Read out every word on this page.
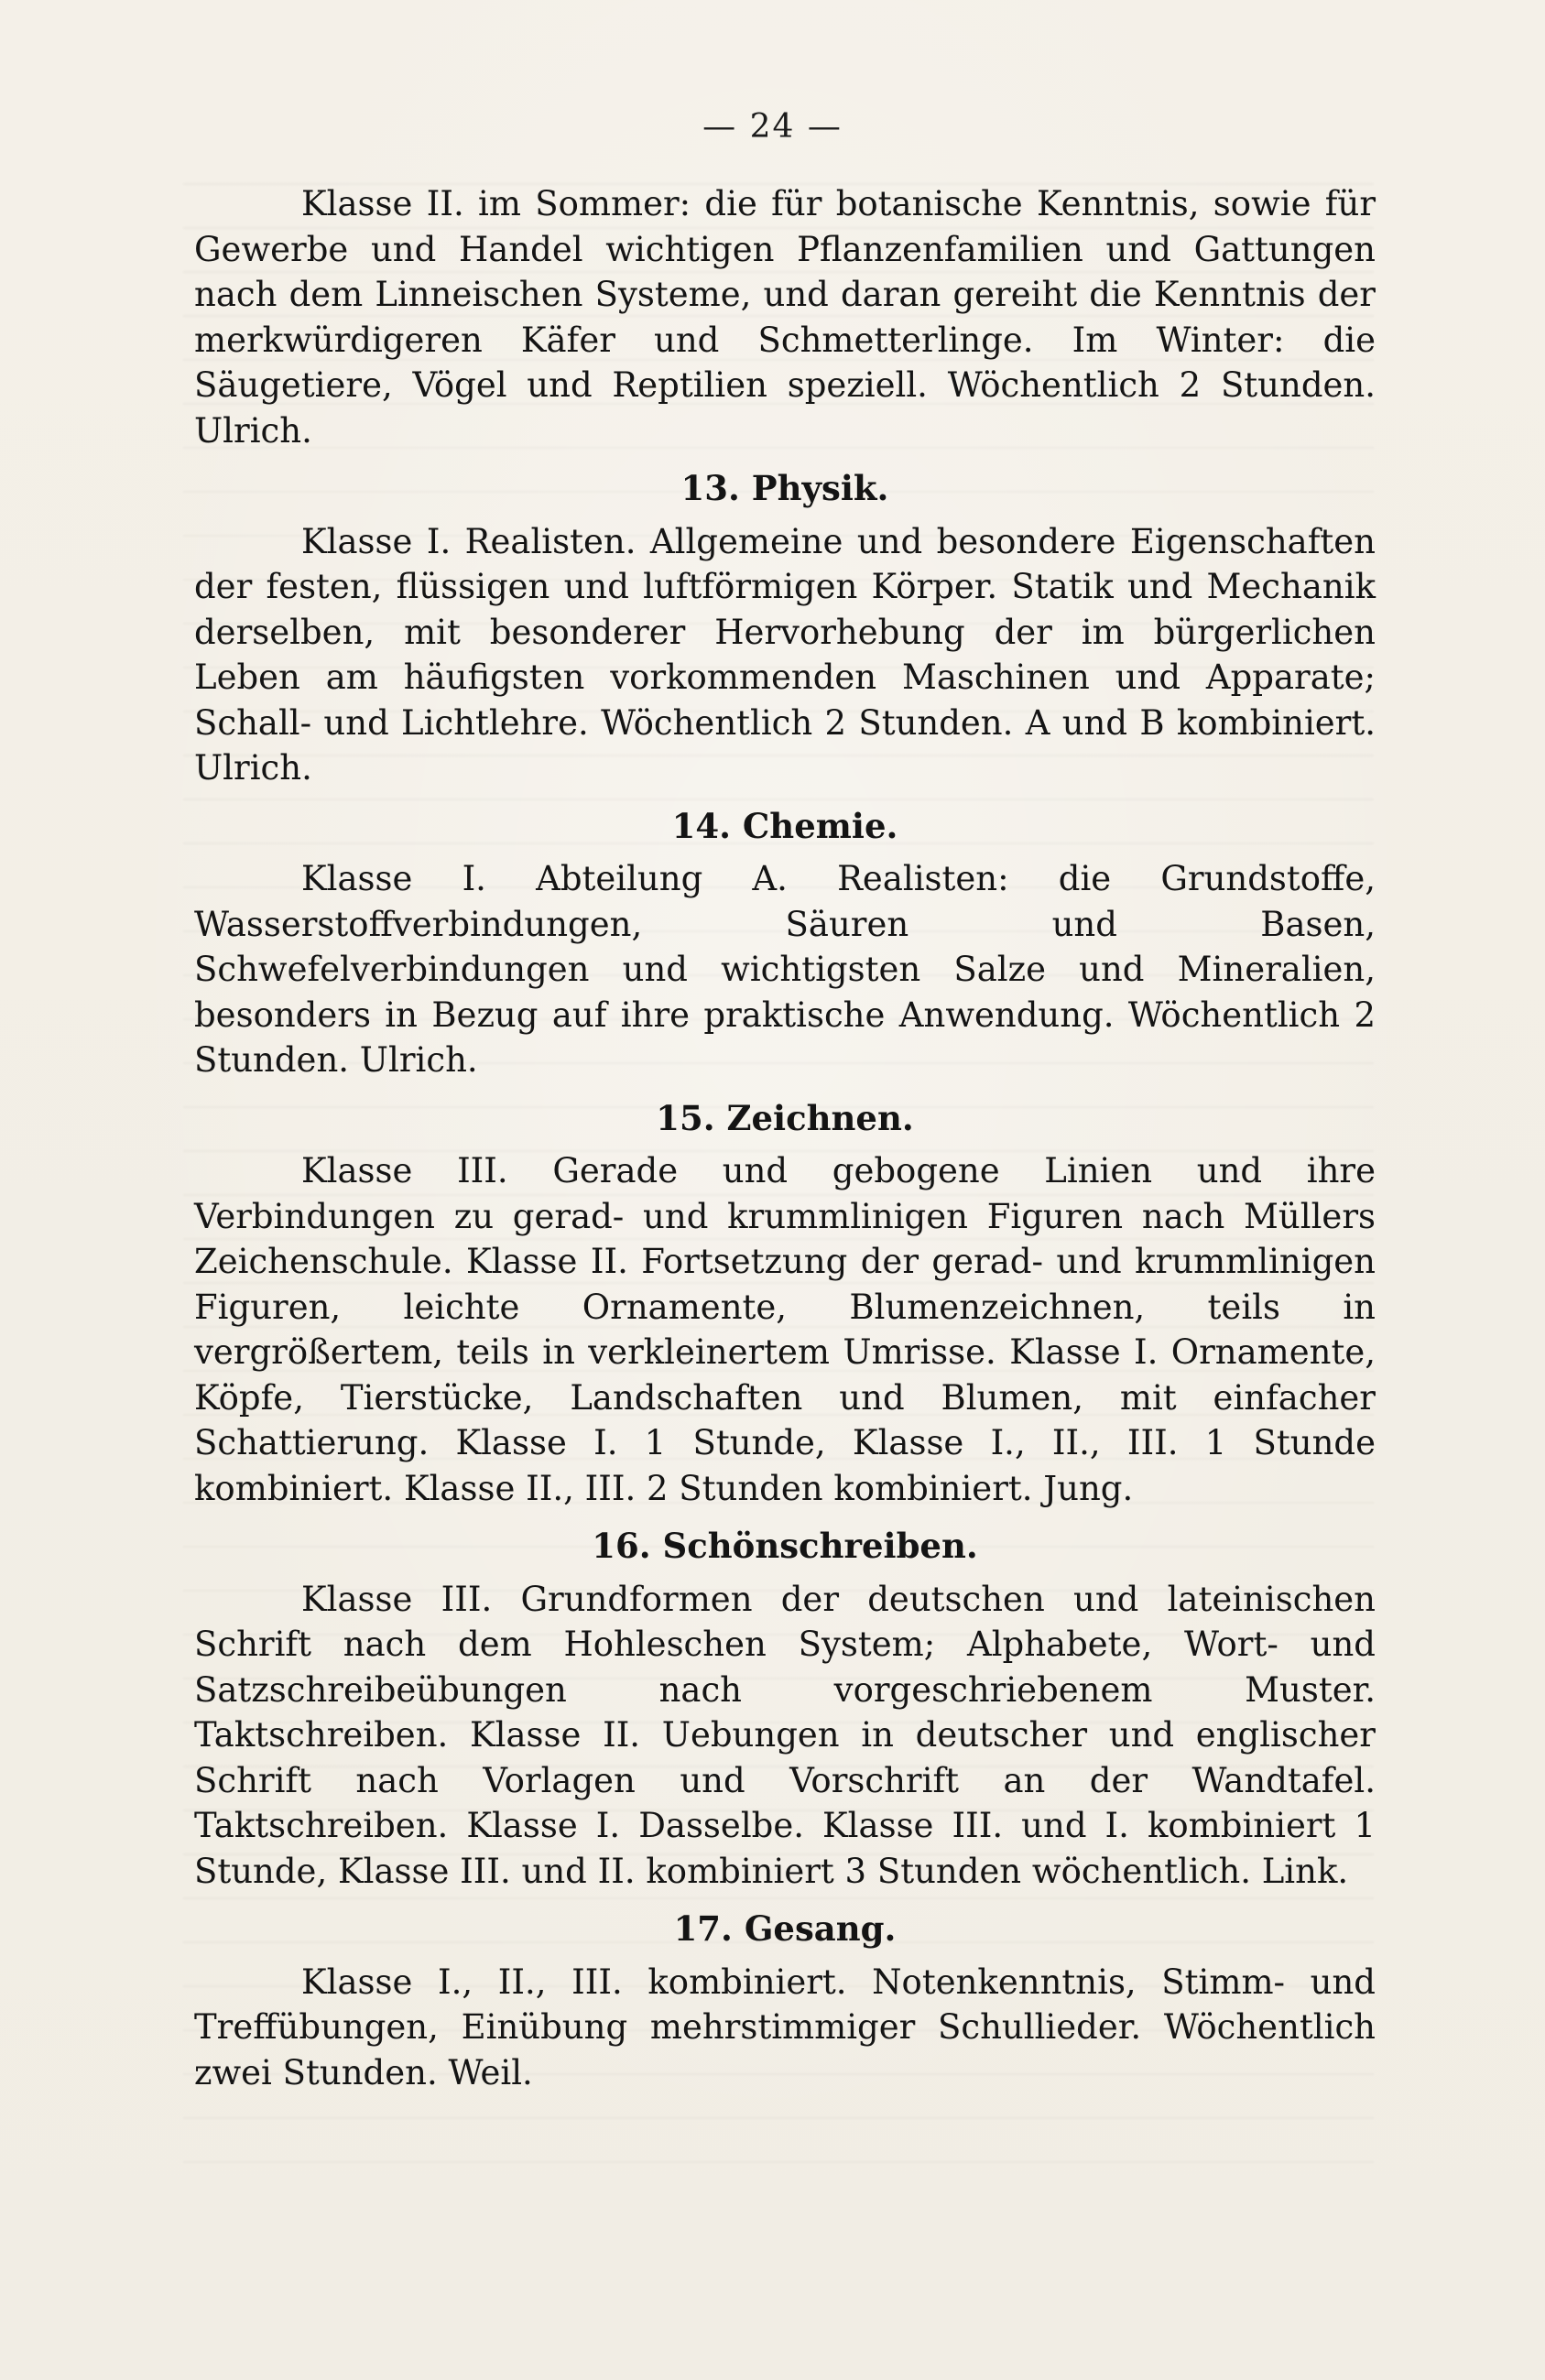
— 24 —

Klasse II. im Sommer: die für botanische Kenntnis, sowie für Gewerbe und Handel wichtigen Pflanzenfamilien und Gattungen nach dem Linneischen Systeme, und daran gereiht die Kenntnis der merkwürdigeren Käfer und Schmetterlinge. Im Winter: die Säugetiere, Vögel und Reptilien speziell. Wöchentlich 2 Stunden. Ulrich.

13. Physik.

Klasse I. Realisten. Allgemeine und besondere Eigenschaften der festen, flüssigen und luftförmigen Körper. Statik und Mechanik derselben, mit besonderer Hervorhebung der im bürgerlichen Leben am häufigsten vorkommenden Maschinen und Apparate; Schall- und Lichtlehre. Wöchentlich 2 Stunden. A und B kombiniert. Ulrich.

14. Chemie.

Klasse I. Abteilung A. Realisten: die Grundstoffe, Wasserstoffverbindungen, Säuren und Basen, Schwefelverbindungen und wichtigsten Salze und Mineralien, besonders in Bezug auf ihre praktische Anwendung. Wöchentlich 2 Stunden. Ulrich.

15. Zeichnen.

Klasse III. Gerade und gebogene Linien und ihre Verbindungen zu gerad- und krummlinigen Figuren nach Müllers Zeichenschule. Klasse II. Fortsetzung der gerad- und krummlinigen Figuren, leichte Ornamente, Blumenzeichnen, teils in vergrößertem, teils in verkleinertem Umrisse. Klasse I. Ornamente, Köpfe, Tierstücke, Landschaften und Blumen, mit einfacher Schattierung. Klasse I. 1 Stunde, Klasse I., II., III. 1 Stunde kombiniert. Klasse II., III. 2 Stunden kombiniert. Jung.

16. Schönschreiben.

Klasse III. Grundformen der deutschen und lateinischen Schrift nach dem Hohleschen System; Alphabete, Wort- und Satzschreibeübungen nach vorgeschriebenem Muster. Taktschreiben. Klasse II. Uebungen in deutscher und englischer Schrift nach Vorlagen und Vorschrift an der Wandtafel. Taktschreiben. Klasse I. Dasselbe. Klasse III. und I. kombiniert 1 Stunde, Klasse III. und II. kombiniert 3 Stunden wöchentlich. Link.

17. Gesang.

Klasse I., II., III. kombiniert. Notenkenntnis, Stimm- und Treffübungen, Einübung mehrstimmiger Schullieder. Wöchentlich zwei Stunden. Weil.
